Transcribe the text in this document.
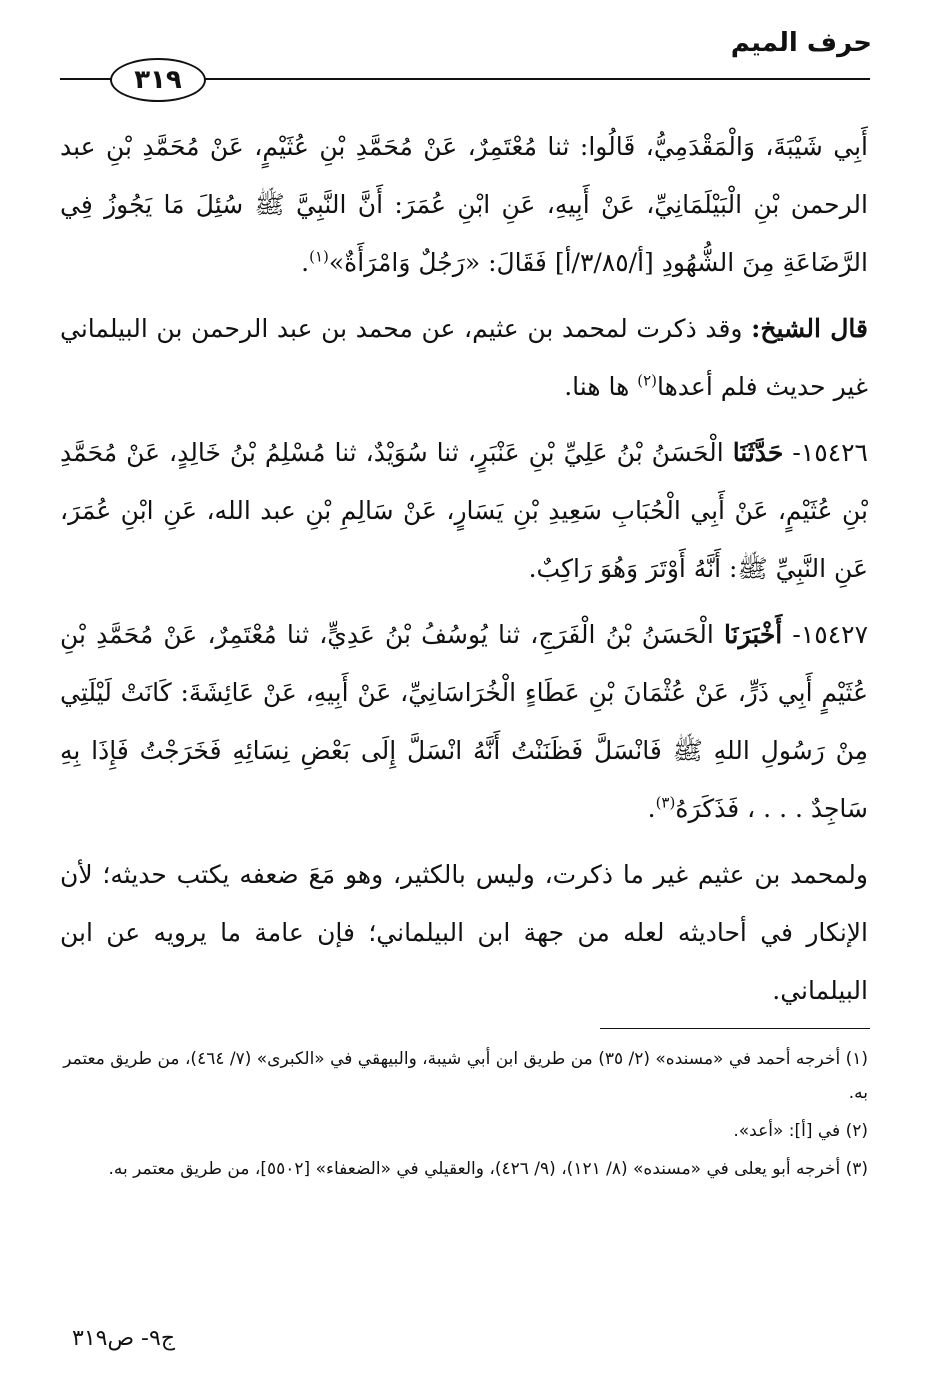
حرف الميم
٣١٩

أَبِي شَيْبَةَ، وَالْمَقْدَمِيُّ، قَالُوا: ثنا مُعْتَمِرٌ، عَنْ مُحَمَّدِ بْنِ عُثَيْمٍ، عَنْ مُحَمَّدِ بْنِ عبد الرحمن بْنِ الْبَيْلَمَانِيِّ، عَنْ أَبِيهِ، عَنِ ابْنِ عُمَرَ: أَنَّ النَّبِيَّ ﷺ سُئِلَ مَا يَجُوزُ فِي الرَّضَاعَةِ مِنَ الشُّهُودِ [أ/٣/٨٥/أ] فَقَالَ: «رَجُلٌ وَامْرَأَةٌ»$^{(١)}$.

قال الشيخ: وقد ذكرت لمحمد بن عثيم، عن محمد بن عبد الرحمن بن البيلماني غير حديث فلم أعدها$^{(٢)}$ ها هنا.

١٥٤٢٦- حَدَّثَنَا الْحَسَنُ بْنُ عَلِيِّ بْنِ عَنْبَرٍ، ثنا سُوَيْدٌ، ثنا مُسْلِمُ بْنُ خَالِدٍ، عَنْ مُحَمَّدِ بْنِ عُثَيْمٍ، عَنْ أَبِي الْحُبَابِ سَعِيدِ بْنِ يَسَارٍ، عَنْ سَالِمِ بْنِ عبد الله، عَنِ ابْنِ عُمَرَ، عَنِ النَّبِيِّ ﷺ: أَنَّهُ أَوْتَرَ وَهُوَ رَاكِبٌ.

١٥٤٢٧- أَخْبَرَنَا الْحَسَنُ بْنُ الْفَرَجِ، ثنا يُوسُفُ بْنُ عَدِيٍّ، ثنا مُعْتَمِرٌ، عَنْ مُحَمَّدِ بْنِ عُثَيْمٍ أَبِي ذَرٍّ، عَنْ عُثْمَانَ بْنِ عَطَاءٍ الْخُرَاسَانِيِّ، عَنْ أَبِيهِ، عَنْ عَائِشَةَ: كَانَتْ لَيْلَتِي مِنْ رَسُولِ اللهِ ﷺ فَانْسَلَّ فَظَنَنْتُ أَنَّهُ انْسَلَّ إِلَى بَعْضِ نِسَائِهِ فَخَرَجْتُ فَإِذَا بِهِ سَاجِدٌ . . . ، فَذَكَرَهُ$^{(٣)}$.

ولمحمد بن عثيم غير ما ذكرت، وليس بالكثير، وهو مَعَ ضعفه يكتب حديثه؛ لأن الإنكار في أحاديثه لعله من جهة ابن البيلماني؛ فإن عامة ما يرويه عن ابن البيلماني.

(١) أخرجه أحمد في «مسنده» (٢/ ٣٥) من طريق ابن أبي شيبة، والبيهقي في «الكبرى» (٧/ ٤٦٤)، من طريق معتمر به.
(٢) في [أ]: «أعد».
(٣) أخرجه أبو يعلى في «مسنده» (٨/ ١٢١)، (٩/ ٤٢٦)، والعقيلي في «الضعفاء» [٥٥٠٢]، من طريق معتمر به.
ج٩- ص٣١٩
